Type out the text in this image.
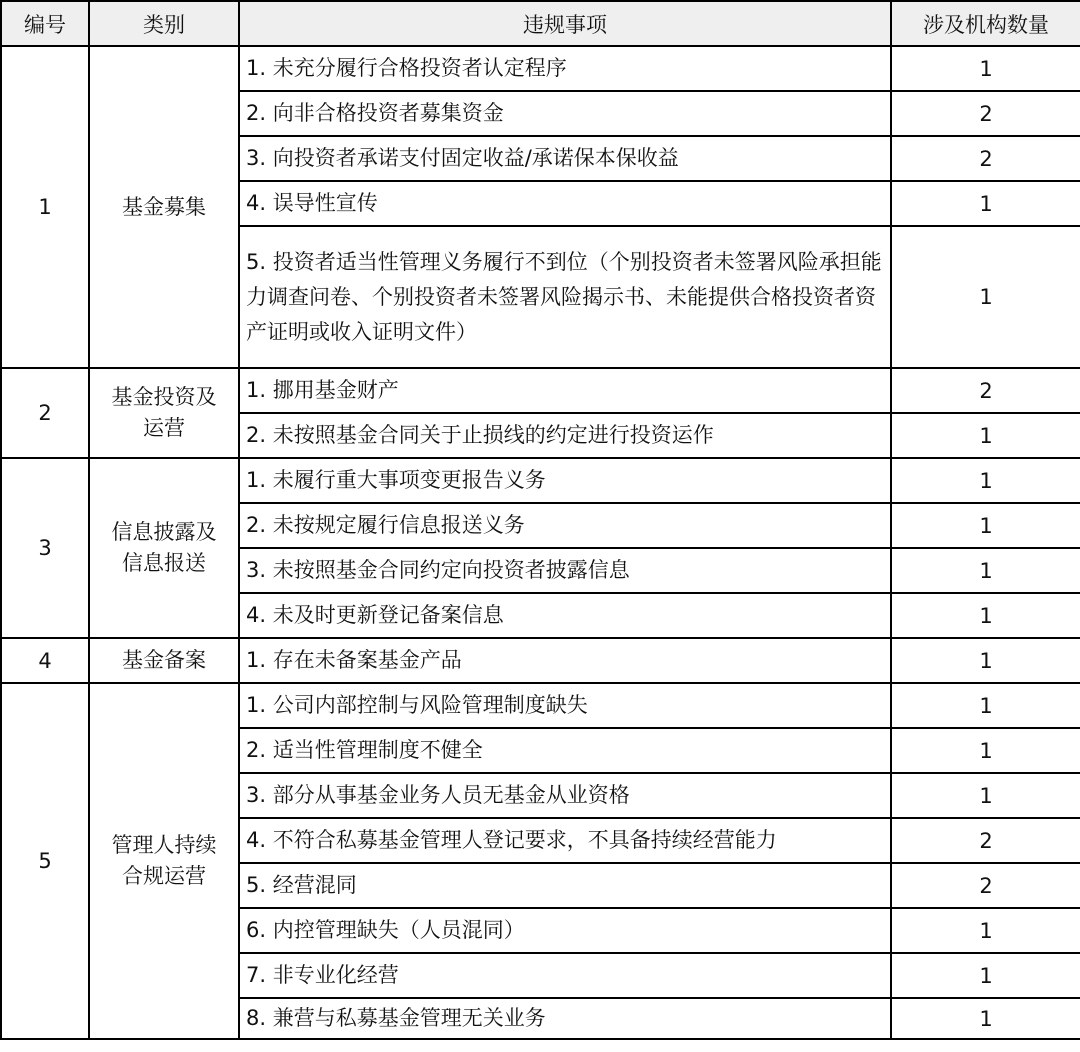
编号	类别	违规事项	涉及机构数量
1	基金募集	1. 未充分履行合格投资者认定程序	1
		2. 向非合格投资者募集资金	2
		3. 向投资者承诺支付固定收益/承诺保本保收益	2
		4. 误导性宣传	1
		5. 投资者适当性管理义务履行不到位（个别投资者未签署风险承担能力调查问卷、个别投资者未签署风险揭示书、未能提供合格投资者资产证明或收入证明文件）	1
2	基金投资及运营	1. 挪用基金财产	2
		2. 未按照基金合同关于止损线的约定进行投资运作	1
3	信息披露及信息报送	1. 未履行重大事项变更报告义务	1
		2. 未按规定履行信息报送义务	1
		3. 未按照基金合同约定向投资者披露信息	1
		4. 未及时更新登记备案信息	1
4	基金备案	1. 存在未备案基金产品	1
5	管理人持续合规运营	1. 公司内部控制与风险管理制度缺失	1
		2. 适当性管理制度不健全	1
		3. 部分从事基金业务人员无基金从业资格	1
		4. 不符合私募基金管理人登记要求，不具备持续经营能力	2
		5. 经营混同	2
		6. 内控管理缺失（人员混同）	1
		7. 非专业化经营	1
		8. 兼营与私募基金管理无关业务	1
